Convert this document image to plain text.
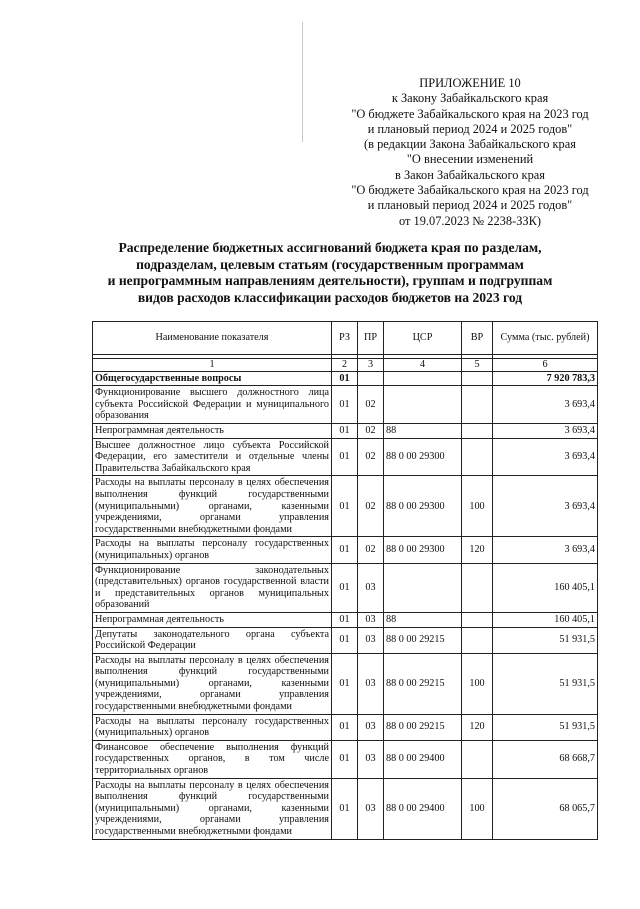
ПРИЛОЖЕНИЕ 10
к Закону Забайкальского края
"О бюджете Забайкальского края на 2023 год
и плановый период 2024 и 2025 годов"
(в редакции Закона Забайкальского края
"О внесении изменений
в Закон Забайкальского края
"О бюджете Забайкальского края на 2023 год
и плановый период 2024 и 2025 годов"
от 19.07.2023 № 2238-ЗЗК)
Распределение бюджетных ассигнований бюджета края по разделам,
подразделам, целевым статьям (государственным программам
и непрограммным направлениям деятельности), группам и подгруппам
видов расходов классификации расходов бюджетов на 2023 год
Наименование показателя	РЗ	ПР	ЦСР	ВР	Сумма (тыс. рублей)

1	2	3	4	5	6
Общегосударственные вопросы	01				7 920 783,3
Функционирование высшего должностного лица субъекта Российской Федерации и муниципального образования	01	02			3 693,4
Непрограммная деятельность	01	02	88		3 693,4
Высшее должностное лицо субъекта Российской Федерации, его заместители и отдельные члены Правительства Забайкальского края	01	02	88 0 00 29300		3 693,4
Расходы на выплаты персоналу в целях обеспечения выполнения функций государственными (муниципальными) органами, казенными учреждениями, органами управления государственными внебюджетными фондами	01	02	88 0 00 29300	100	3 693,4
Расходы на выплаты персоналу государственных (муниципальных) органов	01	02	88 0 00 29300	120	3 693,4
Функционирование законодательных (представительных) органов государственной власти и представительных органов муниципальных образований	01	03			160 405,1
Непрограммная деятельность	01	03	88		160 405,1
Депутаты законодательного органа субъекта Российской Федерации	01	03	88 0 00 29215		51 931,5
Расходы на выплаты персоналу в целях обеспечения выполнения функций государственными (муниципальными) органами, казенными учреждениями, органами управления государственными внебюджетными фондами	01	03	88 0 00 29215	100	51 931,5
Расходы на выплаты персоналу государственных (муниципальных) органов	01	03	88 0 00 29215	120	51 931,5
Финансовое обеспечение выполнения функций государственных органов, в том числе территориальных органов	01	03	88 0 00 29400		68 668,7
Расходы на выплаты персоналу в целях обеспечения выполнения функций государственными (муниципальными) органами, казенными учреждениями, органами управления государственными внебюджетными фондами	01	03	88 0 00 29400	100	68 065,7
